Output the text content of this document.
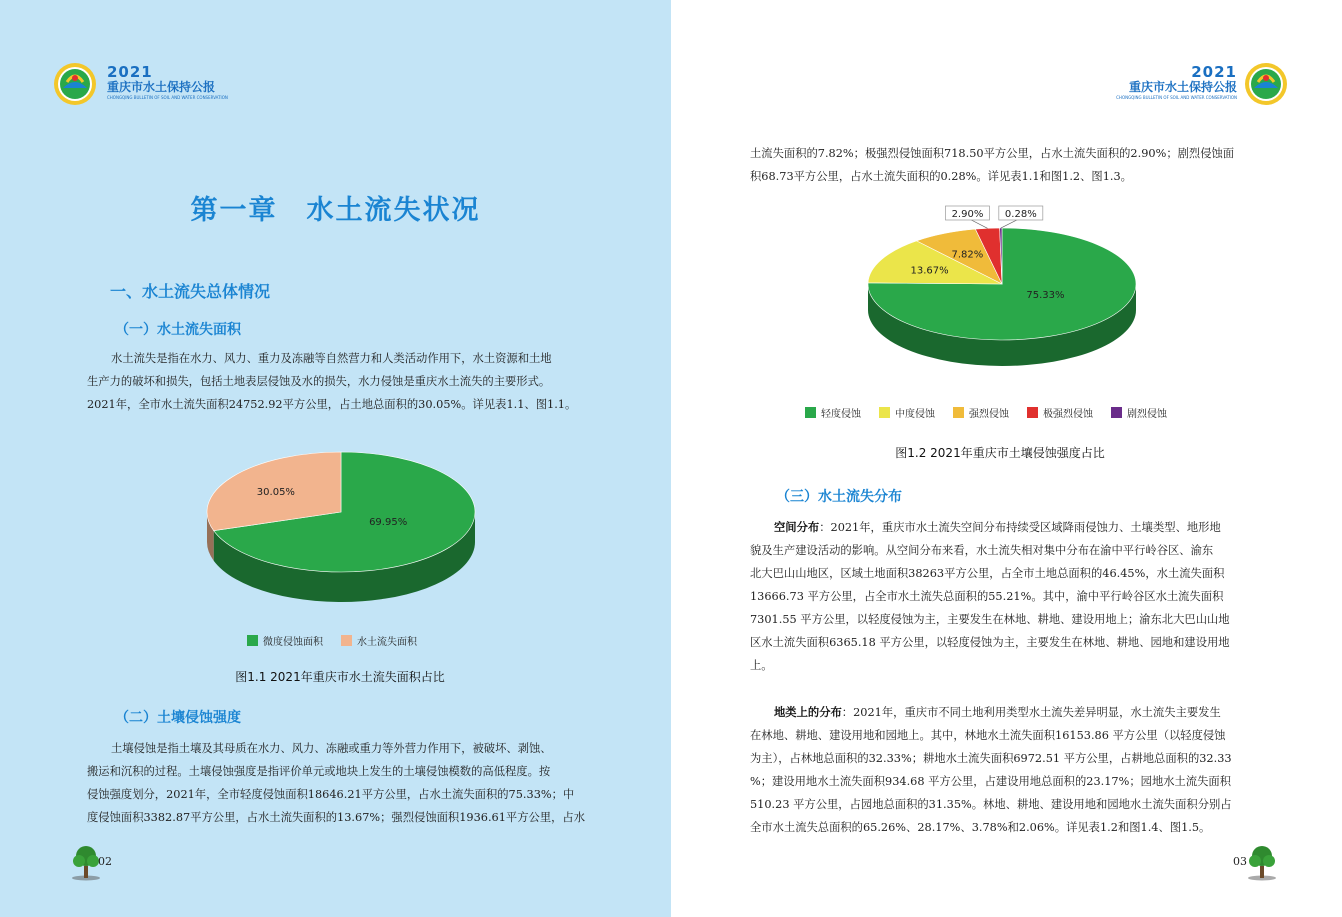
2021
重庆市水土保持公报
CHONGQING BULLETIN OF SOIL AND WATER CONSERVATION
2021
重庆市水土保持公报
CHONGQING BULLETIN OF SOIL AND WATER CONSERVATION
第一章　水土流失状况
一、水土流失总体情况
（一）水土流失面积
水土流失是指在水力、风力、重力及冻融等自然营力和人类活动作用下，水土资源和土地
生产力的破坏和损失，包括土地表层侵蚀及水的损失，水力侵蚀是重庆水土流失的主要形式。
2021年，全市水土流失面积24752.92平方公里，占土地总面积的30.05%。详见表1.1、图1.1。
69.95%
30.05%
微度侵蚀面积	水土流失面积
图1.1 2021年重庆市水土流失面积占比
（二）土壤侵蚀强度
土壤侵蚀是指土壤及其母质在水力、风力、冻融或重力等外营力作用下，被破坏、剥蚀、
搬运和沉积的过程。土壤侵蚀强度是指评价单元或地块上发生的土壤侵蚀模数的高低程度。按
侵蚀强度划分，2021年，全市轻度侵蚀面积18646.21平方公里，占水土流失面积的75.33%；中
度侵蚀面积3382.87平方公里，占水土流失面积的13.67%；强烈侵蚀面积1936.61平方公里，占水
02
土流失面积的7.82%；极强烈侵蚀面积718.50平方公里，占水土流失面积的2.90%；剧烈侵蚀面
积68.73平方公里，占水土流失面积的0.28%。详见表1.1和图1.2、图1.3。
75.33%
13.67%
7.82%
2.90% 0.28%
轻度侵蚀	中度侵蚀	强烈侵蚀	极强烈侵蚀	剧烈侵蚀
图1.2 2021年重庆市土壤侵蚀强度占比
（三）水土流失分布
空间分布：2021年，重庆市水土流失空间分布持续受区域降雨侵蚀力、土壤类型、地形地
貌及生产建设活动的影响。从空间分布来看，水土流失相对集中分布在渝中平行岭谷区、渝东
北大巴山山地区，区域土地面积38263平方公里，占全市土地总面积的46.45%，水土流失面积
13666.73 平方公里，占全市水土流失总面积的55.21%。其中，渝中平行岭谷区水土流失面积
7301.55 平方公里，以轻度侵蚀为主，主要发生在林地、耕地、建设用地上；渝东北大巴山山地
区水土流失面积6365.18 平方公里，以轻度侵蚀为主，主要发生在林地、耕地、园地和建设用地
上。
地类上的分布：2021年，重庆市不同土地利用类型水土流失差异明显，水土流失主要发生
在林地、耕地、建设用地和园地上。其中，林地水土流失面积16153.86 平方公里（以轻度侵蚀
为主），占林地总面积的32.33%；耕地水土流失面积6972.51 平方公里，占耕地总面积的32.33
%；建设用地水土流失面积934.68 平方公里，占建设用地总面积的23.17%；园地水土流失面积
510.23 平方公里，占园地总面积的31.35%。林地、耕地、建设用地和园地水土流失面积分别占
全市水土流失总面积的65.26%、28.17%、3.78%和2.06%。详见表1.2和图1.4、图1.5。
03
